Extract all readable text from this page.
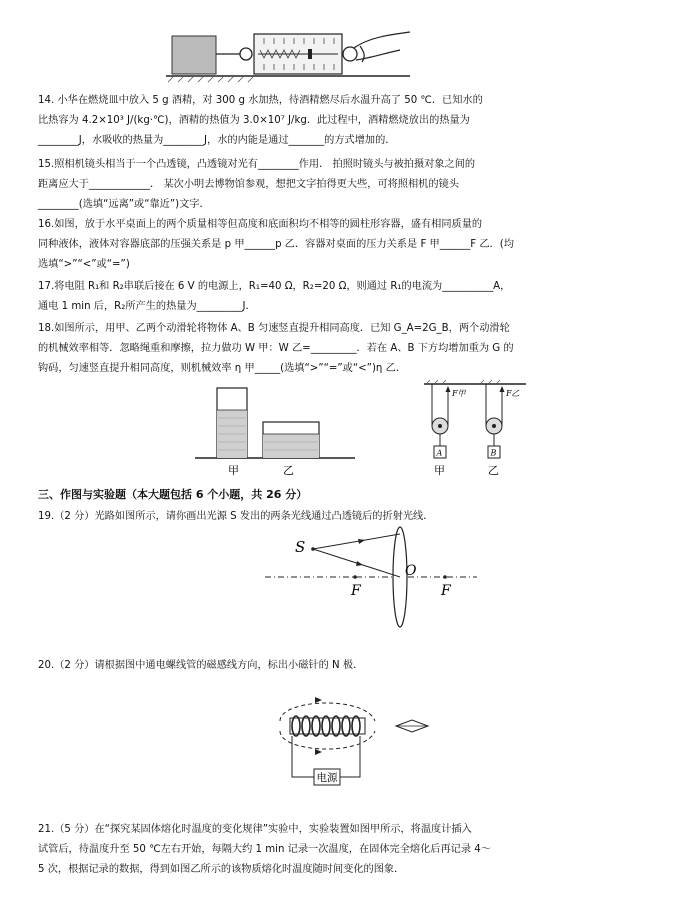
14. 小华在燃烧皿中放入 5 g 酒精，对 300 g 水加热，待酒精燃尽后水温升高了 50 ℃．已知水的
比热容为 4.2×10³ J/(kg·℃)，酒精的热值为 3.0×10⁷ J/kg．此过程中，酒精燃烧放出的热量为
________J，水吸收的热量为________J，水的内能是通过_______的方式增加的．
15.照相机镜头相当于一个凸透镜，凸透镜对光有________作用． 拍照时镜头与被拍摄对象之间的
距离应大于____________． 某次小明去博物馆参观，想把文字拍得更大些，可将照相机的镜头
________(选填“远离”或“靠近”)文字．
16.如图，放于水平桌面上的两个质量相等但高度和底面积均不相等的圆柱形容器，盛有相同质量的
同种液体，液体对容器底部的压强关系是 p 甲______p 乙．容器对桌面的压力关系是 F 甲______F 乙．(均
选填“>”“<”或“=”)
17.将电阻 R₁和 R₂串联后接在 6 V 的电源上，R₁=40 Ω，R₂=20 Ω，则通过 R₁的电流为__________A，
通电 1 min 后，R₂所产生的热量为_________J．
18.如图所示，用甲、乙两个动滑轮将物体 A、B 匀速竖直提升相同高度．已知 G_A=2G_B，两个动滑轮
的机械效率相等．忽略绳重和摩擦，拉力做功 W 甲：W 乙=_________．若在 A、B 下方均增加重为 G 的
钩码，匀速竖直提升相同高度，则机械效率 η 甲_____(选填“>”“=”或“<”)η 乙．
甲	乙
F甲
A
甲
F乙
B
乙
三、作图与实验题（本大题包括 6 个小题，共 26 分）
19.（2 分）光路如图所示，请你画出光源 S 发出的两条光线通过凸透镜后的折射光线．
S
O
F	F
20.（2 分）请根据图中通电螺线管的磁感线方向，标出小磁针的 N 极．
电源
21.（5 分）在“探究某固体熔化时温度的变化规律”实验中，实验装置如图甲所示，将温度计插入
试管后，待温度升至 50 ℃左右开始，每隔大约 1 min 记录一次温度，在固体完全熔化后再记录 4～
5 次，根据记录的数据，得到如图乙所示的该物质熔化时温度随时间变化的图象．
